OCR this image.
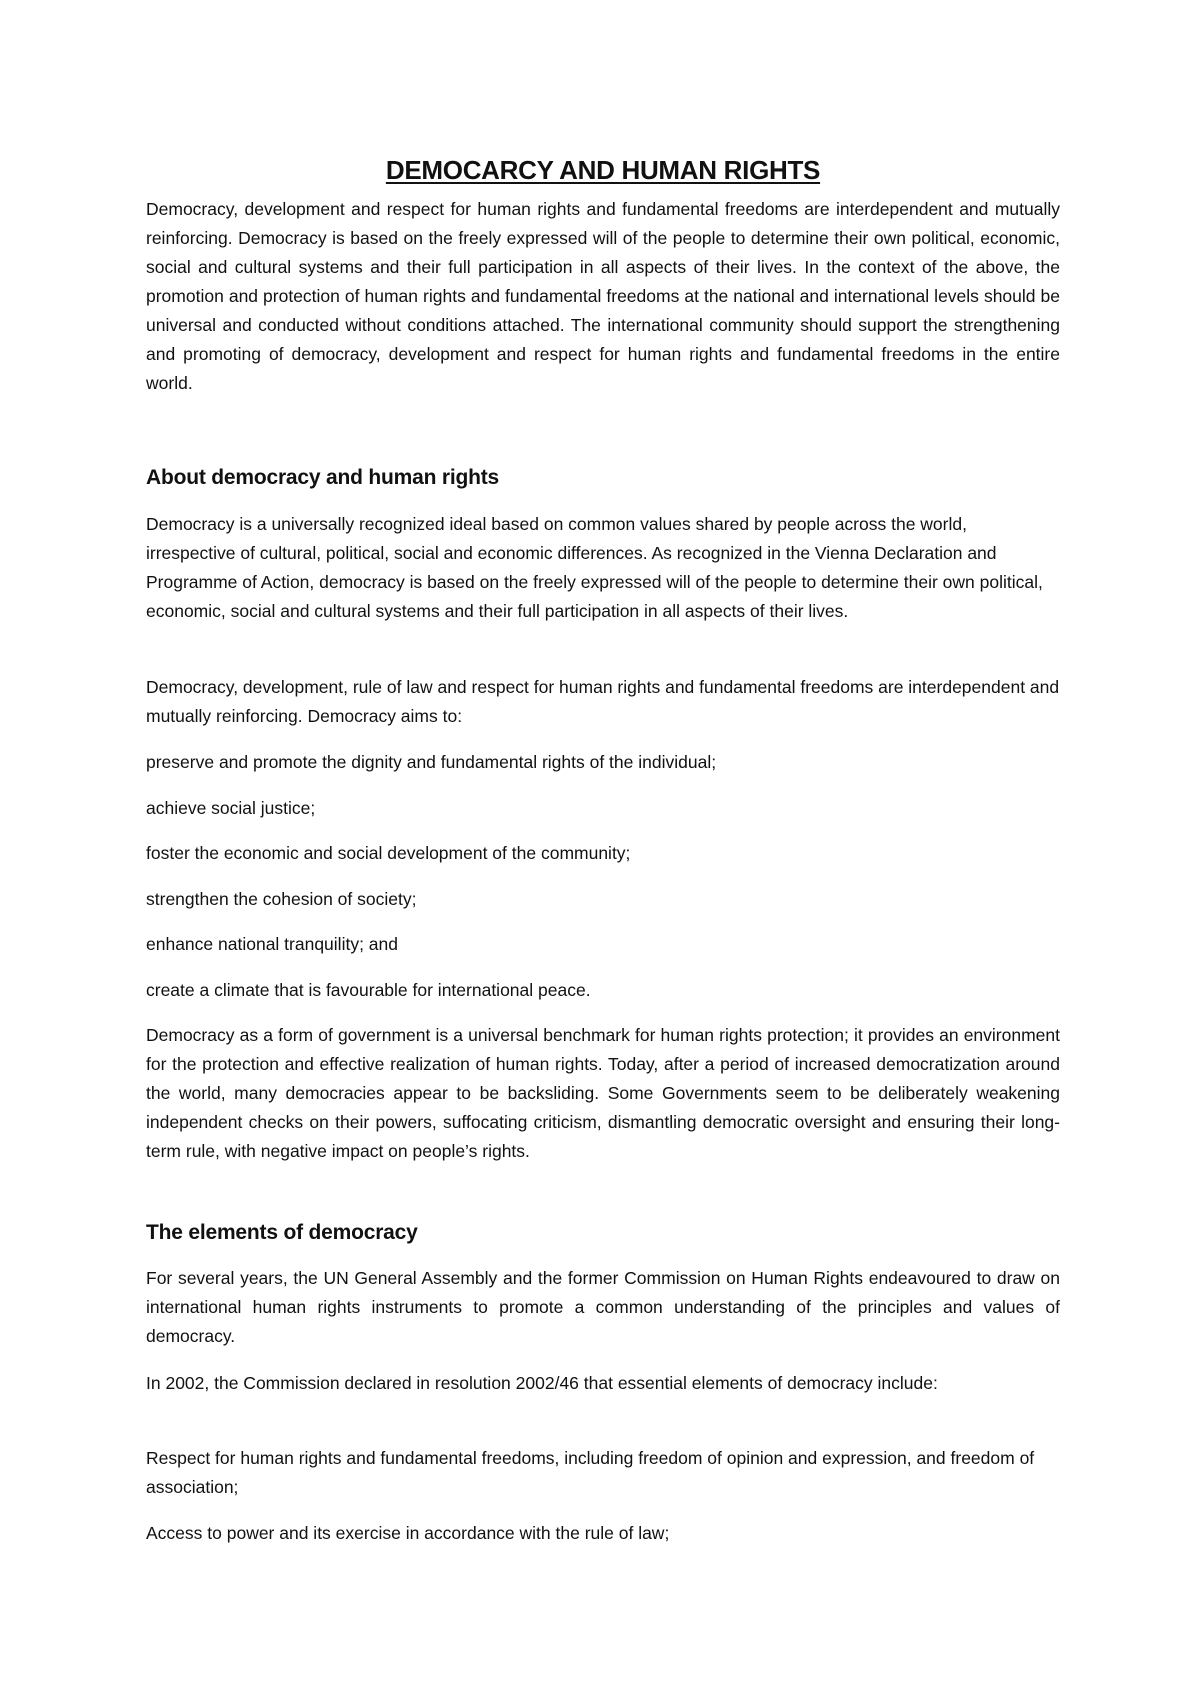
DEMOCARCY AND HUMAN RIGHTS

Democracy, development and respect for human rights and fundamental freedoms are interdependent and mutually reinforcing. Democracy is based on the freely expressed will of the people to determine their own political, economic, social and cultural systems and their full participation in all aspects of their lives. In the context of the above, the promotion and protection of human rights and fundamental freedoms at the national and international levels should be universal and conducted without conditions attached. The international community should support the strengthening and promoting of democracy, development and respect for human rights and fundamental freedoms in the entire world.

About democracy and human rights

Democracy is a universally recognized ideal based on common values shared by people across the world, irrespective of cultural, political, social and economic differences. As recognized in the Vienna Declaration and Programme of Action, democracy is based on the freely expressed will of the people to determine their own political, economic, social and cultural systems and their full participation in all aspects of their lives.

Democracy, development, rule of law and respect for human rights and fundamental freedoms are interdependent and mutually reinforcing. Democracy aims to:

preserve and promote the dignity and fundamental rights of the individual;

achieve social justice;

foster the economic and social development of the community;

strengthen the cohesion of society;

enhance national tranquility; and

create a climate that is favourable for international peace.

Democracy as a form of government is a universal benchmark for human rights protection; it provides an environment for the protection and effective realization of human rights. Today, after a period of increased democratization around the world, many democracies appear to be backsliding. Some Governments seem to be deliberately weakening independent checks on their powers, suffocating criticism, dismantling democratic oversight and ensuring their long-term rule, with negative impact on people’s rights.

The elements of democracy

For several years, the UN General Assembly and the former Commission on Human Rights endeavoured to draw on international human rights instruments to promote a common understanding of the principles and values of democracy.

In 2002, the Commission declared in resolution 2002/46 that essential elements of democracy include:

Respect for human rights and fundamental freedoms, including freedom of opinion and expression, and freedom of association;

Access to power and its exercise in accordance with the rule of law;
